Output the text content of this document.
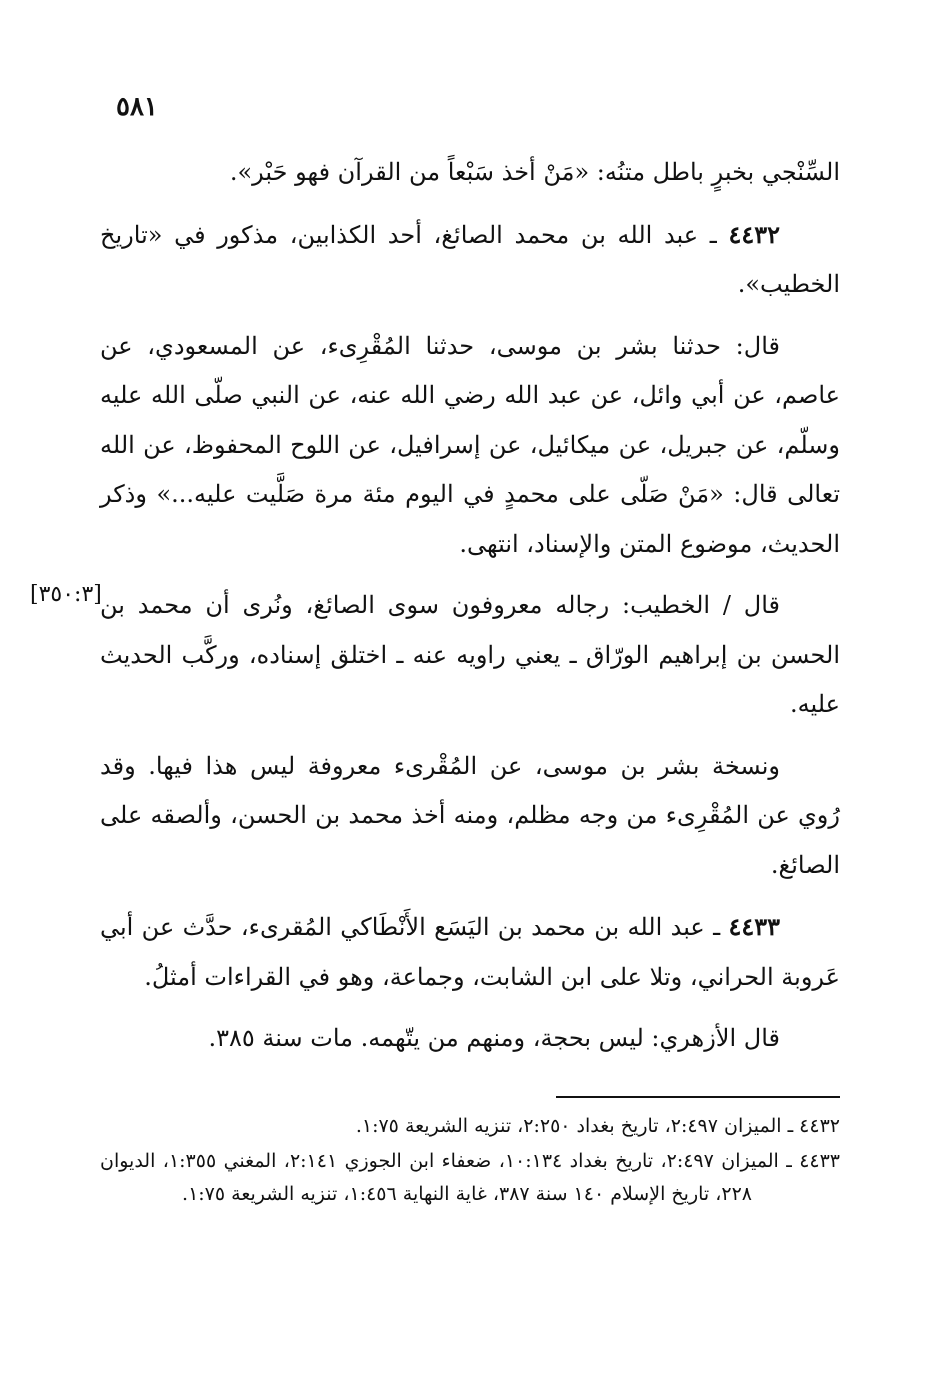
٥٨١
[٣٥٠:٣]

السِّنْجي بخبرٍ باطل متنُه: «مَنْ أخذ سَبْعاً من القرآن فهو حَبْر».

٤٤٣٢ ـ عبد الله بن محمد الصائغ، أحد الكذابين، مذكور في «تاريخ الخطيب».

قال: حدثنا بشر بن موسى، حدثنا المُقْرِىء، عن المسعودي، عن عاصم، عن أبي وائل، عن عبد الله رضي الله عنه، عن النبي صلّى الله عليه وسلّم، عن جبريل، عن ميكائيل، عن إسرافيل، عن اللوح المحفوظ، عن الله تعالى قال: «مَنْ صَلّى على محمدٍ في اليوم مئة مرة صَلَّيت عليه...» وذكر الحديث، موضوع المتن والإسناد، انتهى.

قال / الخطيب: رجاله معروفون سوى الصائغ، ونُرى أن محمد بن الحسن بن إبراهيم الورّاق ـ يعني راويه عنه ـ اختلق إسناده، وركَّب الحديث عليه.

ونسخة بشر بن موسى، عن المُقْرىء معروفة ليس هذا فيها. وقد رُوي عن المُقْرِىء من وجه مظلم، ومنه أخذ محمد بن الحسن، وألصقه على الصائغ.

٤٤٣٣ ـ عبد الله بن محمد بن اليَسَع الأَنْطَاكي المُقرىء، حدَّث عن أبي عَروبة الحراني، وتلا على ابن الشابت، وجماعة، وهو في القراءات أمثلُ.

قال الأزهري: ليس بحجة، ومنهم من يتّهمه. مات سنة ٣٨٥.

٤٤٣٢ ـ الميزان ٢:٤٩٧، تاريخ بغداد ٢:٢٥٠، تنزيه الشريعة ١:٧٥.

٤٤٣٣ ـ الميزان ٢:٤٩٧، تاريخ بغداد ١٠:١٣٤، ضعفاء ابن الجوزي ٢:١٤١، المغني ١:٣٥٥، الديوان ٢٢٨، تاريخ الإسلام ١٤٠ سنة ٣٨٧، غاية النهاية ١:٤٥٦، تنزيه الشريعة ١:٧٥.
